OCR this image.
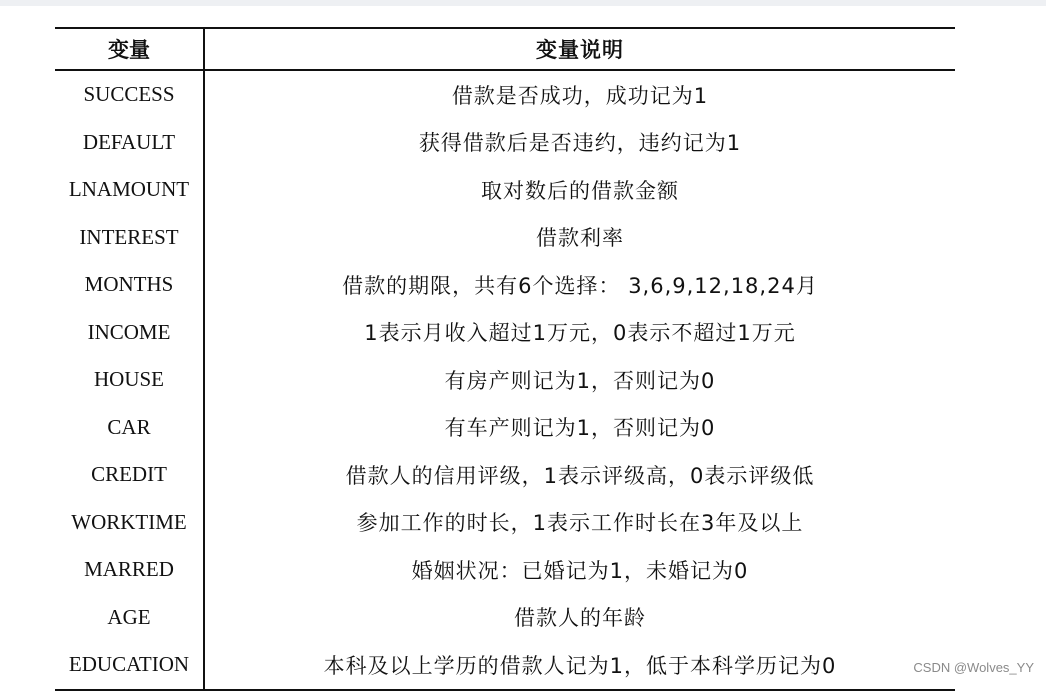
变量	变量说明
SUCCESS	借款是否成功，成功记为1
DEFAULT	获得借款后是否违约，违约记为1
LNAMOUNT	取对数后的借款金额
INTEREST	借款利率
MONTHS	借款的期限，共有6个选择： 3,6,9,12,18,24月
INCOME	1表示月收入超过1万元，0表示不超过1万元
HOUSE	有房产则记为1，否则记为0
CAR	有车产则记为1，否则记为0
CREDIT	借款人的信用评级，1表示评级高，0表示评级低
WORKTIME	参加工作的时长，1表示工作时长在3年及以上
MARRED	婚姻状况：已婚记为1，未婚记为0
AGE	借款人的年龄
EDUCATION	本科及以上学历的借款人记为1，低于本科学历记为0	CSDN @Wolves_YY
